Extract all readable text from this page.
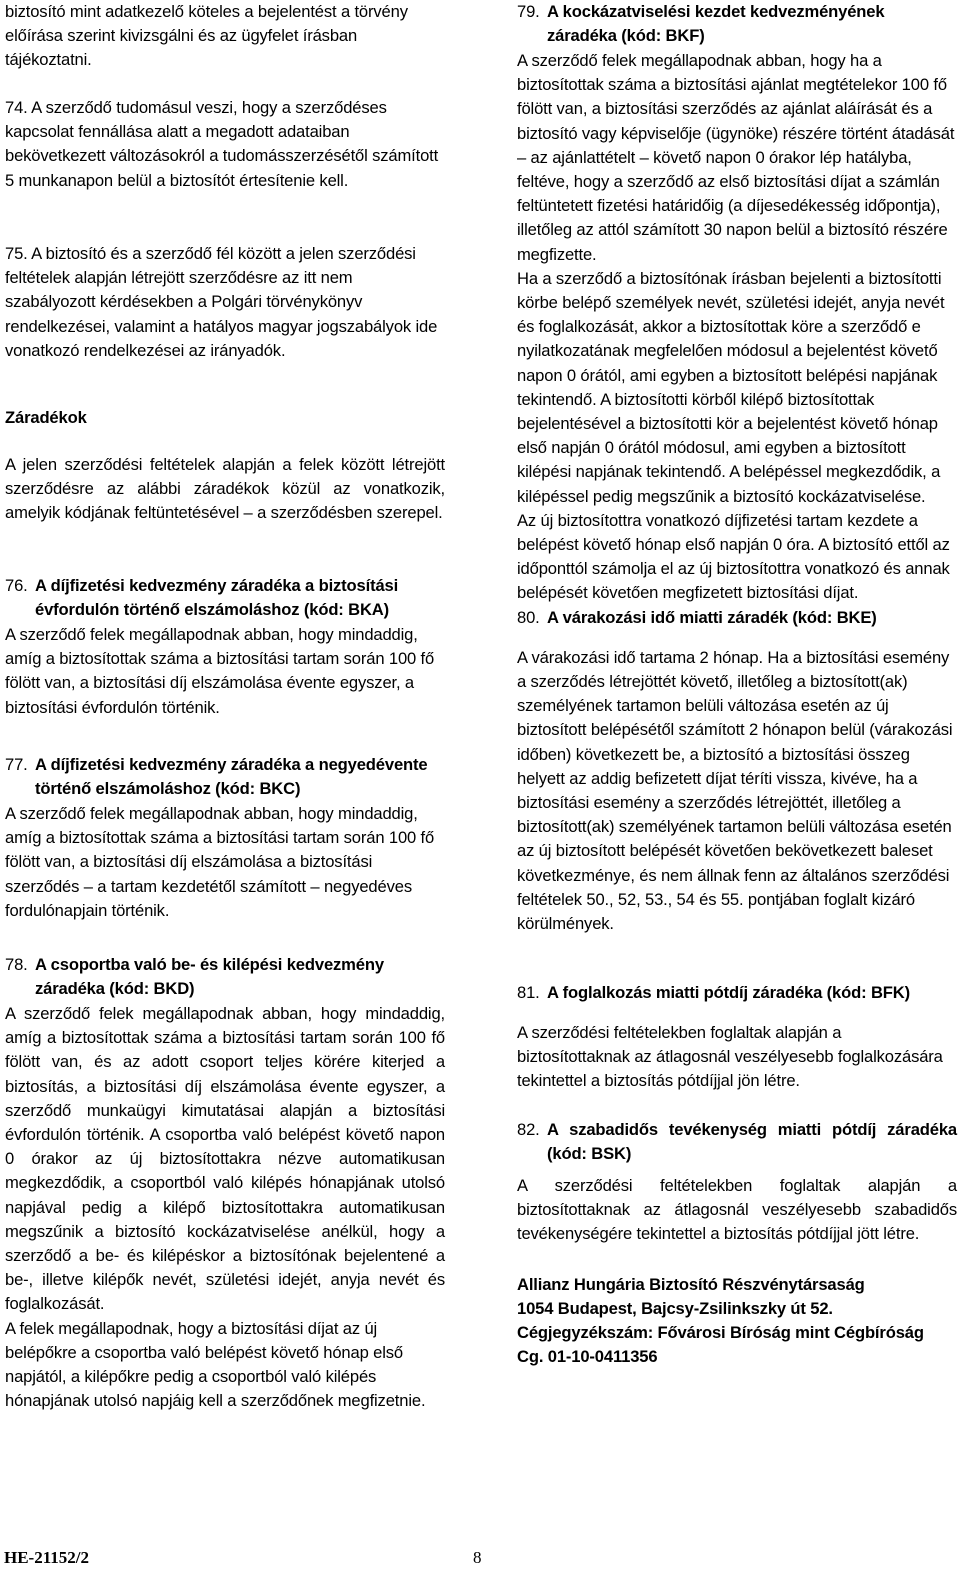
biztosító mint adatkezelő köteles a bejelentést a törvény előírása szerint kivizsgálni és az ügyfelet írásban tájékoztatni.

74. A szerződő tudomásul veszi, hogy a szerződéses kapcsolat fennállása alatt a megadott adataiban bekövetkezett változásokról a tudomásszerzésétől számított 5 munkanapon belül a biztosítót értesítenie kell.

75. A biztosító és a szerződő fél között a jelen szerződési feltételek alapján létrejött szerződésre az itt nem szabályozott kérdésekben a Polgári törvénykönyv rendelkezései, valamint a hatályos magyar jogszabályok ide vonatkozó rendelkezései az irányadók.

Záradékok

A jelen szerződési feltételek alapján a felek között létrejött szerződésre az alábbi záradékok közül az vonatkozik, amelyik kódjának feltüntetésével – a szerződésben szerepel.

76. A díjfizetési kedvezmény záradéka a biztosítási évfordulón történő elszámoláshoz (kód: BKA)

A szerződő felek megállapodnak abban, hogy mindaddig, amíg a biztosítottak száma a biztosítási tartam során 100 fő fölött van, a biztosítási díj elszámolása évente egyszer, a biztosítási évfordulón történik.

77. A díjfizetési kedvezmény záradéka a negyedévente történő elszámoláshoz (kód: BKC)

A szerződő felek megállapodnak abban, hogy mindaddig, amíg a biztosítottak száma a biztosítási tartam során 100 fő fölött van, a biztosítási díj elszámolása a biztosítási szerződés – a tartam kezdetétől számított – negyedéves fordulónapjain történik.

78. A csoportba való be- és kilépési kedvezmény záradéka (kód: BKD)

A szerződő felek megállapodnak abban, hogy mindaddig, amíg a biztosítottak száma a biztosítási tartam során 100 fő fölött van, és az adott csoport teljes körére kiterjed a biztosítás, a biztosítási díj elszámolása évente egyszer, a szerződő munkaügyi kimutatásai alapján a biztosítási évfordulón történik. A csoportba való belépést követő napon 0 órakor az új biztosítottakra nézve automatikusan megkezdődik, a csoportból való kilépés hónapjának utolsó napjával pedig a kilépő biztosítottakra automatikusan megszűnik a biztosító kockázatviselése anélkül, hogy a szerződő a be- és kilépéskor a biztosítónak bejelentené a be-, illetve kilépők nevét, születési idejét, anyja nevét és foglalkozását.

A felek megállapodnak, hogy a biztosítási díjat az új belépőkre a csoportba való belépést követő hónap első napjától, a kilépőkre pedig a csoportból való kilépés hónapjának utolsó napjáig kell a szerződőnek megfizetnie.

79. A kockázatviselési kezdet kedvezményének záradéka (kód: BKF)

A szerződő felek megállapodnak abban, hogy ha a biztosítottak száma a biztosítási ajánlat megtételekor 100 fő fölött van, a biztosítási szerződés az ajánlat aláírását és a biztosító vagy képviselője (ügynöke) részére történt átadását – az ajánlattételt – követő napon 0 órakor lép hatályba, feltéve, hogy a szerződő az első biztosítási díjat a számlán feltüntetett fizetési határidőig (a díjesedékesség időpontja), illetőleg az attól számított 30 napon belül a biztosító részére megfizette.

Ha a szerződő a biztosítónak írásban bejelenti a biztosítotti körbe belépő személyek nevét, születési idejét, anyja nevét és foglalkozását, akkor a biztosítottak köre a szerződő e nyilatkozatának megfelelően módosul a bejelentést követő napon 0 órától, ami egyben a biztosított belépési napjának tekintendő. A biztosítotti körből kilépő biztosítottak bejelentésével a biztosítotti kör a bejelentést követő hónap első napján 0 órától módosul, ami egyben a biztosított kilépési napjának tekintendő. A belépéssel megkezdődik, a kilépéssel pedig megszűnik a biztosító kockázatviselése.

Az új biztosítottra vonatkozó díjfizetési tartam kezdete a belépést követő hónap első napján 0 óra. A biztosító ettől az időponttól számolja el az új biztosítottra vonatkozó és annak belépését követően megfizetett biztosítási díjat.

80. A várakozási idő miatti záradék (kód: BKE)

A várakozási idő tartama 2 hónap. Ha a biztosítási esemény a szerződés létrejöttét követő, illetőleg a biztosított(ak) személyének tartamon belüli változása esetén az új biztosított belépésétől számított 2 hónapon belül (várakozási időben) következett be, a biztosító a biztosítási összeg helyett az addig befizetett díjat téríti vissza, kivéve, ha a biztosítási esemény a szerződés létrejöttét, illetőleg a biztosított(ak) személyének tartamon belüli változása esetén az új biztosított belépését követően bekövetkezett baleset következménye, és nem állnak fenn az általános szerződési feltételek 50., 52, 53., 54 és 55. pontjában foglalt kizáró körülmények.

81. A foglalkozás miatti pótdíj záradéka (kód: BFK)

A szerződési feltételekben foglaltak alapján a biztosítottaknak az átlagosnál veszélyesebb foglalkozására tekintettel a biztosítás pótdíjjal jön létre.

82. A szabadidős tevékenység miatti pótdíj záradéka (kód: BSK)

A szerződési feltételekben foglaltak alapján a biztosítottaknak az átlagosnál veszélyesebb szabadidős tevékenységére tekintettel a biztosítás pótdíjjal jött létre.

Allianz Hungária Biztosító Részvénytársaság
1054 Budapest, Bajcsy-Zsilinkszky út 52.
Cégjegyzékszám: Fővárosi Bíróság mint Cégbíróság
Cg. 01-10-0411356
HE-21152/2	8
